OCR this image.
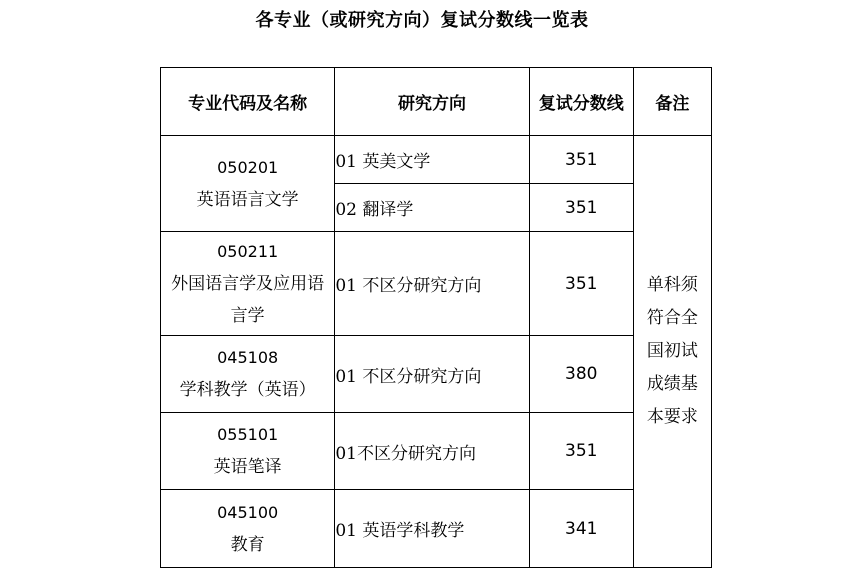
各专业（或研究方向）复试分数线一览表
专业代码及名称	研究方向	复试分数线	备注

050201
英语语言文学	01 英美文学	351	单科须
符合全
国初试
成绩基
本要求

	02 翻译学	351	

050211
外国语言学及应用语
言学	01 不区分研究方向	351	

045108
学科教学（英语）	01 不区分研究方向	380	

055101
英语笔译	01不区分研究方向	351	

045100
教育	01 英语学科教学	341	
